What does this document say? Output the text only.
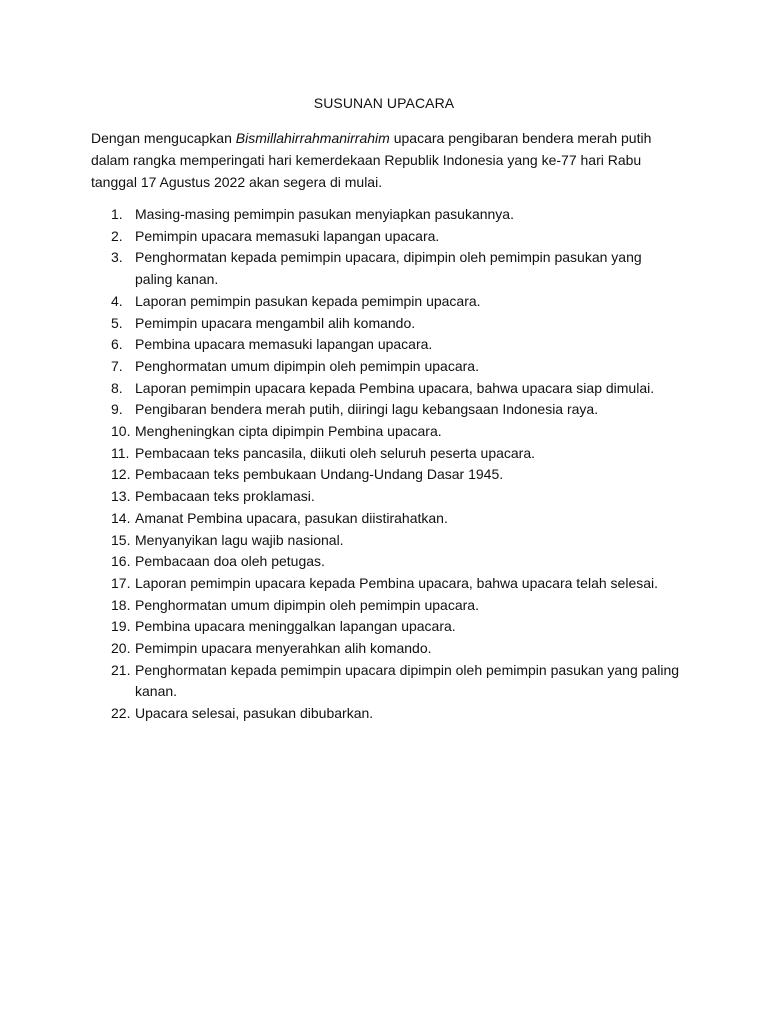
SUSUNAN UPACARA
Dengan mengucapkan Bismillahirrahmanirrahim upacara pengibaran bendera merah putih
dalam rangka memperingati hari kemerdekaan Republik Indonesia yang ke-77 hari Rabu
tanggal 17 Agustus 2022 akan segera di mulai.
1. Masing-masing pemimpin pasukan menyiapkan pasukannya.
2. Pemimpin upacara memasuki lapangan upacara.
3. Penghormatan kepada pemimpin upacara, dipimpin oleh pemimpin pasukan yang paling kanan.
4. Laporan pemimpin pasukan kepada pemimpin upacara.
5. Pemimpin upacara mengambil alih komando.
6. Pembina upacara memasuki lapangan upacara.
7. Penghormatan umum dipimpin oleh pemimpin upacara.
8. Laporan pemimpin upacara kepada Pembina upacara, bahwa upacara siap dimulai.
9. Pengibaran bendera merah putih, diiringi lagu kebangsaan Indonesia raya.
10. Mengheningkan cipta dipimpin Pembina upacara.
11. Pembacaan teks pancasila, diikuti oleh seluruh peserta upacara.
12. Pembacaan teks pembukaan Undang-Undang Dasar 1945.
13. Pembacaan teks proklamasi.
14. Amanat Pembina upacara, pasukan diistirahatkan.
15. Menyanyikan lagu wajib nasional.
16. Pembacaan doa oleh petugas.
17. Laporan pemimpin upacara kepada Pembina upacara, bahwa upacara telah selesai.
18. Penghormatan umum dipimpin oleh pemimpin upacara.
19. Pembina upacara meninggalkan lapangan upacara.
20. Pemimpin upacara menyerahkan alih komando.
21. Penghormatan kepada pemimpin upacara dipimpin oleh pemimpin pasukan yang paling kanan.
22. Upacara selesai, pasukan dibubarkan.
